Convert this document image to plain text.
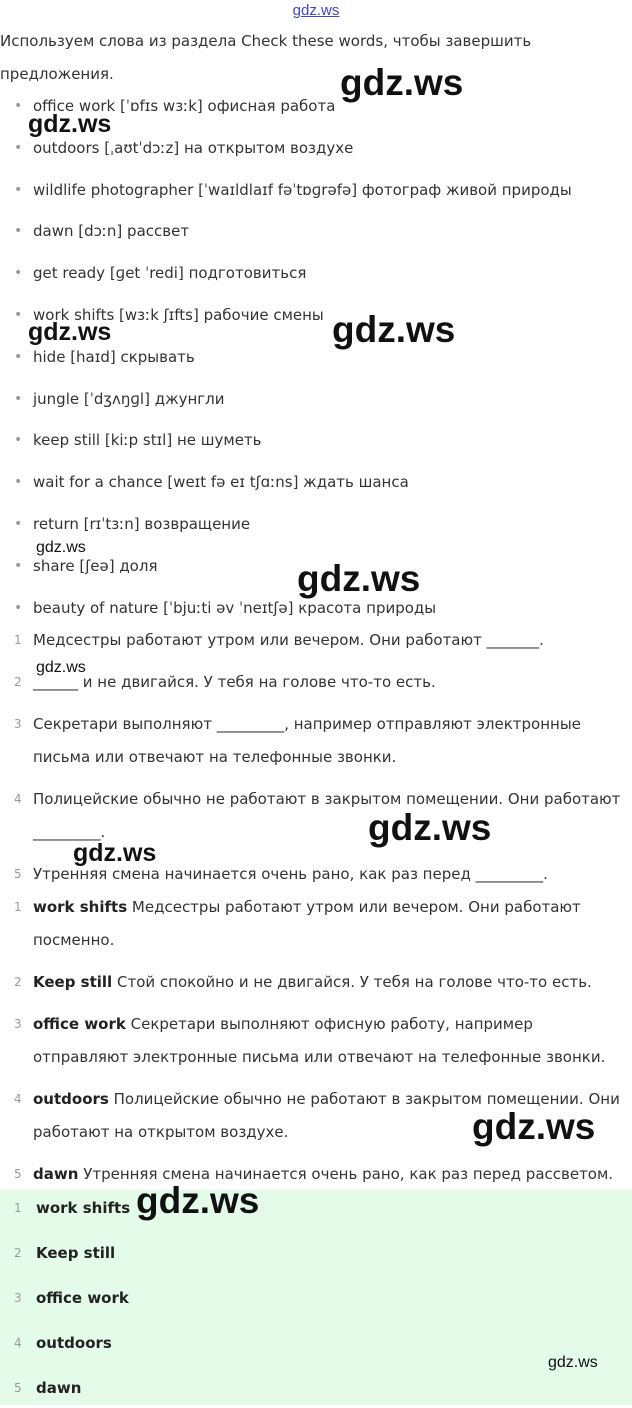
gdz.ws
Используем слова из раздела Check these words, чтобы завершить предложения.
• office work [ˈɒfɪs wɜːk] офисная работа
• outdoors [ˌaʊtˈdɔːz] на открытом воздухе
• wildlife photographer [ˈwaɪldlaɪf fəˈtɒɡrəfə] фотограф живой природы
• dawn [dɔːn] рассвет
• get ready [ɡet ˈredi] подготовиться
• work shifts [wɜːk ʃɪfts] рабочие смены
• hide [haɪd] скрывать
• jungle [ˈdʒʌŋɡl] джунгли
• keep still [kiːp stɪl] не шуметь
• wait for a chance [weɪt fə eɪ tʃɑːns] ждать шанса
• return [rɪˈtɜːn] возвращение
• share [ʃeə] доля
• beauty of nature [ˈbjuːti əv ˈneɪtʃə] красота природы
1 Медсестры работают утром или вечером. Они работают _______.
2 ______ и не двигайся. У тебя на голове что-то есть.
3 Секретари выполняют _________, например отправляют электронные письма или отвечают на телефонные звонки.
4 Полицейские обычно не работают в закрытом помещении. Они работают _________.
5 Утренняя смена начинается очень рано, как раз перед _________.
1 work shifts Медсестры работают утром или вечером. Они работают посменно.
2 Keep still Стой спокойно и не двигайся. У тебя на голове что-то есть.
3 office work Секретари выполняют офисную работу, например отправляют электронные письма или отвечают на телефонные звонки.
4 outdoors Полицейские обычно не работают в закрытом помещении. Они работают на открытом воздухе.
5 dawn Утренняя смена начинается очень рано, как раз перед рассветом.
1 work shifts
2 Keep still
3 office work
4 outdoors
5 dawn
gdz.ws
gdz.ws
gdz.ws	gdz.ws
gdz.ws
gdz.ws
gdz.ws
gdz.ws
gdz.ws
gdz.ws
gdz.ws
gdz.ws
